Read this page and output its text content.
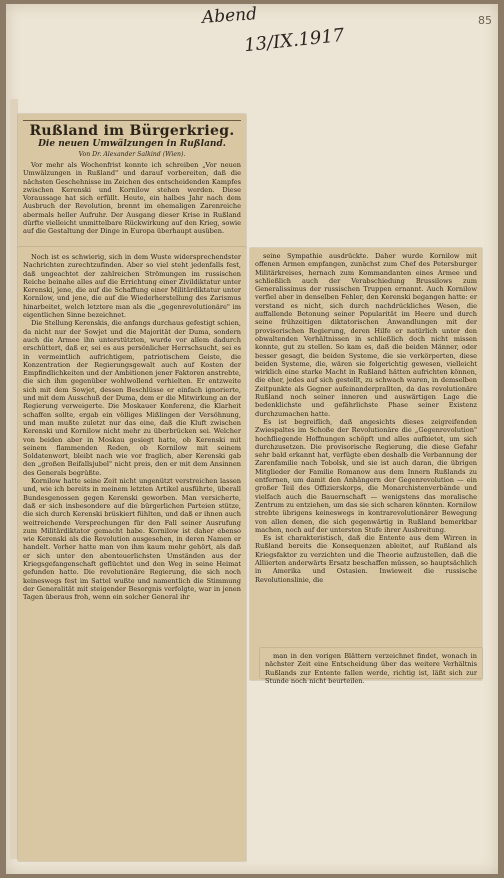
Abend
13/IX.1917
85
Rußland im Bürgerkrieg.
Die neuen Umwälzungen in Rußland.
Von Dr. Alexander Salkind (Wien).

Vor mehr als Wochenfrist konnte ich schreiben „Vor neuen Umwälzungen in Rußland" und darauf vorbereiten, daß die nächsten Geschehnisse im Zeichen des entscheidenden Kampfes zwischen Kerenski und Kornilow stehen werden. Diese Voraussage hat sich erfüllt. Heute, ein halbes Jahr nach dem Ausbruch der Revolution, brennt im ehemaligen Zarenreiche abermals heller Aufruhr. Der Ausgang dieser Krise in Rußland dürfte vielleicht unmittelbare Rückwirkung auf den Krieg, sowie auf die Gestaltung der Dinge in Europa überhaupt ausüben.

Noch ist es schwierig, sich in dem Wuste widersprechendster Nachrichten zurechtzufinden. Aber so viel steht jedenfalls fest, daß ungeachtet der zahlreichen Strömungen im russischen Reiche beinahe alles auf die Errichtung einer Zivildiktatur unter Kerenski, jene, die auf die Schaffung einer Militärdiktatur unter Kornilow, und jene, die auf die Wiederherstellung des Zarismus hinarbeitet, welch letztere man als die „gegenrevolutionäre" im eigentlichen Sinne bezeichnet.

Die Stellung Kerenskis, die anfangs durchaus gefestigt schien, da nicht nur der Sowjet und die Majorität der Duma, sondern auch die Armee ihn unterstützten, wurde vor allem dadurch erschüttert, daß er, sei es aus persönlicher Herrschsucht, sei es in vermeintlich aufrichtigem, patriotischem Geiste, die Konzentration der Regierungsgewalt auch auf Kosten der Empfindlichkeiten und der Ambitionen jener Faktoren anstrebte, die sich ihm gegenüber wohlwollend verhielten. Er entzweite sich mit dem Sowjet, dessen Beschlüsse er einfach ignorierte, und mit dem Ausschuß der Duma, dem er die Mitwirkung an der Regierung verweigerte. Die Moskauer Konferenz, die Klarheit schaffen sollte, ergab ein völliges Mißlingen der Versöhnung, und man mußte zuletzt nur das eine, daß die Kluft zwischen Kerenski und Kornilow nicht mehr zu überbrücken sei. Welcher von beiden aber in Moskau gesiegt hatte, ob Kerenski mit seinem flammenden Reden, ob Kornilow mit seinem Soldatenwort, bleibt nach wie vor fraglich, aber Kerenski gab den „großen Beifallsjubel" nicht preis, den er mit dem Ansinnen des Generals begrüßte.

Kornilow hatte seine Zeit nicht ungenützt verstreichen lassen und, wie ich bereits in meinem letzten Artikel ausführte, überall Bundesgenossen gegen Kerenski geworben. Man versicherte, daß er sich insbesondere auf die bürgerlichen Parteien stütze, die sich durch Kerenski brüskiert fühlten, und daß er ihnen auch weitreichende Versprechungen für den Fall seiner Ausrufung zum Militärdiktator gemacht habe. Kornilow ist daher ebenso wie Kerenski als die Revolution ausgesehen, in deren Namen er handelt. Vorher hatte man von ihm kaum mehr gehört, als daß er sich unter den abenteuerlichsten Umständen aus der Kriegsgefangenschaft geflüchtet und den Weg in seine Heimat gefunden hatte. Die revolutionäre Regierung, die sich noch keineswegs fest im Sattel wußte und namentlich die Stimmung der Generalität mit steigender Besorgnis verfolgte, war in jenen Tagen überaus froh, wenn ein solcher General ihr

seine Sympathie ausdrückte. Daher wurde Kornilow mit offenen Armen empfangen, zunächst zum Chef des Petersburger Militärkreises, hernach zum Kommandanten eines Armee und schließlich auch der Verabschiedung Brussilows zum Generalissimus der russischen Truppen ernannt. Auch Kornilow verfiel aber in denselben Fehler, den Kerenski begangen hatte: er verstand es nicht, sich durch nachdrückliches Wesen, die auffallende Betonung seiner Popularität im Heere und durch seine frühzeitigen diktatorischen Anwandlungen mit der provisorischen Regierung, deren Hilfe er natürlich unter den obwaltenden Verhältnissen in schließlich doch nicht missen konnte, gut zu stellen. So kam es, daß die beiden Männer, oder besser gesagt, die beiden Systeme, die sie verkörperten, diese beiden Systeme, die, wären sie folgerichtig gewesen, vielleicht wirklich eine starke Macht in Rußland hätten aufrichten können, die eher, jedes auf sich gestellt, zu schwach waren, in demselben Zeitpunkte als Gegner aufeinanderprallten, da das revolutionäre Rußland noch seiner inneren und auswärtigen Lage die bedenklichste und gefährlichste Phase seiner Existenz durchzumachen hatte.

Es ist begreiflich, daß angesichts dieses zeigreifenden Zwiespaltes im Schoße der Revolutionäre die „Gegenrevolution" hochfliegende Hoffnungen schöpft und alles aufbietet, um sich durchzusetzen. Die provisorische Regierung, die diese Gefahr sehr bald erkannt hat, verfügte eben deshalb die Verbannung der Zarenfamilie nach Tobolsk, und sie ist auch daran, die übrigen Mitglieder der Familie Romanow aus dem Innern Rußlands zu entfernen, um damit den Anhängern der Gegenrevolution — ein großer Teil des Offizierskorps, die Monarchistenverbände und vielfach auch die Bauernschaft — wenigstens das moralische Zentrum zu entziehen, um das sie sich scharen könnten. Kornilow strebte übrigens keineswegs in kontrarevolutionärer Bewegung von allen denen, die sich gegenwärtig in Rußland bemerkbar machen, noch auf der untersten Stufe ihrer Ausbreitung.

Es ist charakteristisch, daß die Entente aus dem Wirren in Rußland bereits die Konsequenzen ableitet, auf Rußland als Kriegsfaktor zu verzichten und die Theorie aufzustellen, daß die Alliierten anderwärts Ersatz beschaffen müssen, so hauptsächlich in Amerika und Ostasien. Inwieweit die russische Revolutionslinie, die

man in den vorigen Blättern verzeichnet findet, wonach in nächster Zeit eine Entscheidung über das weitere Verhältnis Rußlands zur Entente fallen werde, richtig ist, läßt sich zur Stunde noch nicht beurteilen.
